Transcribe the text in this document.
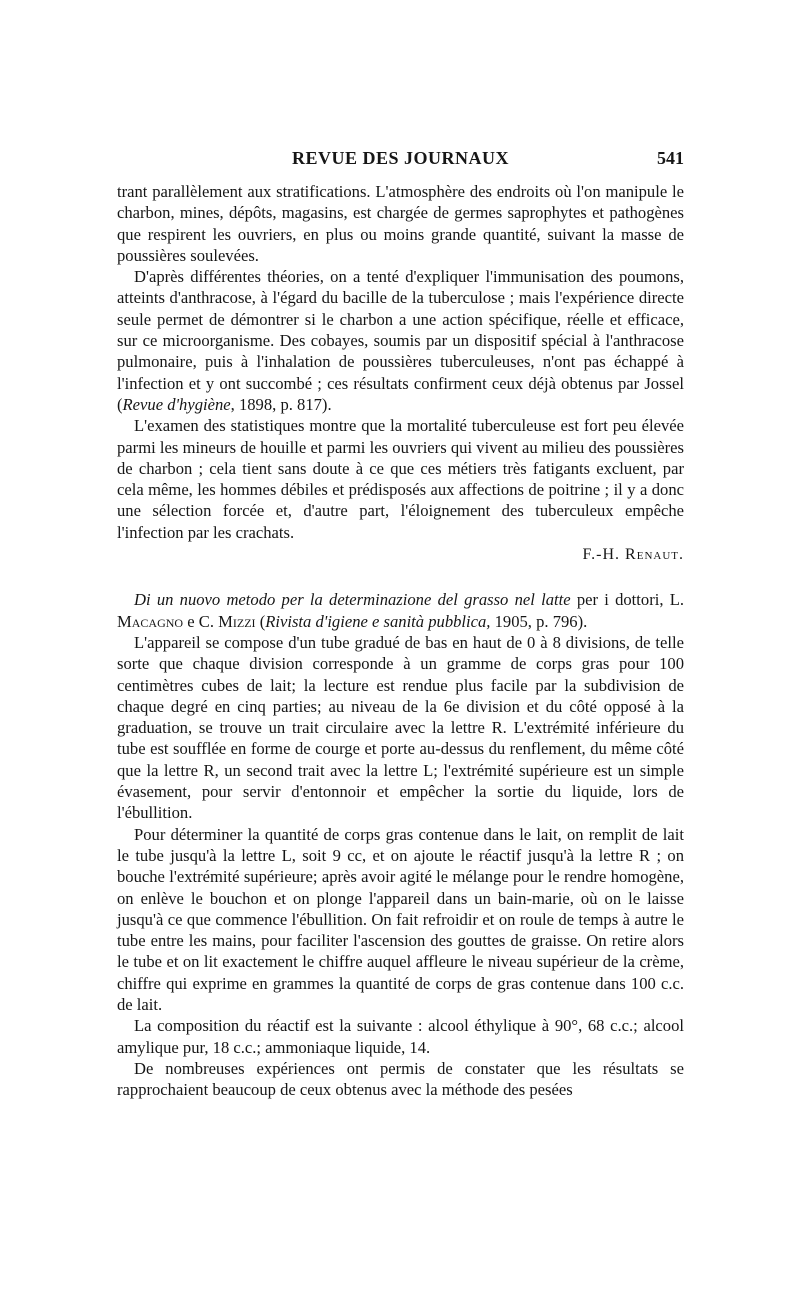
REVUE DES JOURNAUX	541

trant parallèlement aux stratifications. L'atmosphère des endroits où l'on manipule le charbon, mines, dépôts, magasins, est chargée de germes saprophytes et pathogènes que respirent les ouvriers, en plus ou moins grande quantité, suivant la masse de poussières soulevées.

D'après différentes théories, on a tenté d'expliquer l'immunisation des poumons, atteints d'anthracose, à l'égard du bacille de la tuberculose ; mais l'expérience directe seule permet de démontrer si le charbon a une action spécifique, réelle et efficace, sur ce microorganisme. Des cobayes, soumis par un dispositif spécial à l'anthracose pulmonaire, puis à l'inhalation de poussières tuberculeuses, n'ont pas échappé à l'infection et y ont succombé ; ces résultats confirment ceux déjà obtenus par Jossel (Revue d'hygiène, 1898, p. 817).

L'examen des statistiques montre que la mortalité tuberculeuse est fort peu élevée parmi les mineurs de houille et parmi les ouvriers qui vivent au milieu des poussières de charbon ; cela tient sans doute à ce que ces métiers très fatigants excluent, par cela même, les hommes débiles et prédisposés aux affections de poitrine ; il y a donc une sélection forcée et, d'autre part, l'éloignement des tuberculeux empêche l'infection par les crachats.

F.-H. Renaut.

Di un nuovo metodo per la determinazione del grasso nel latte per i dottori, L. Macagno e C. Mizzi (Rivista d'igiene e sanità pubblica, 1905, p. 796).

L'appareil se compose d'un tube gradué de bas en haut de 0 à 8 divisions, de telle sorte que chaque division corresponde à un gramme de corps gras pour 100 centimètres cubes de lait; la lecture est rendue plus facile par la subdivision de chaque degré en cinq parties; au niveau de la 6e division et du côté opposé à la graduation, se trouve un trait circulaire avec la lettre R. L'extrémité inférieure du tube est soufflée en forme de courge et porte au-dessus du renflement, du même côté que la lettre R, un second trait avec la lettre L; l'extrémité supérieure est un simple évasement, pour servir d'entonnoir et empêcher la sortie du liquide, lors de l'ébullition.

Pour déterminer la quantité de corps gras contenue dans le lait, on remplit de lait le tube jusqu'à la lettre L, soit 9 cc, et on ajoute le réactif jusqu'à la lettre R ; on bouche l'extrémité supérieure; après avoir agité le mélange pour le rendre homogène, on enlève le bouchon et on plonge l'appareil dans un bain-marie, où on le laisse jusqu'à ce que commence l'ébullition. On fait refroidir et on roule de temps à autre le tube entre les mains, pour faciliter l'ascension des gouttes de graisse. On retire alors le tube et on lit exactement le chiffre auquel affleure le niveau supérieur de la crème, chiffre qui exprime en grammes la quantité de corps de gras contenue dans 100 c.c. de lait.

La composition du réactif est la suivante : alcool éthylique à 90°, 68 c.c.; alcool amylique pur, 18 c.c.; ammoniaque liquide, 14.

De nombreuses expériences ont permis de constater que les résultats se rapprochaient beaucoup de ceux obtenus avec la méthode des pesées
